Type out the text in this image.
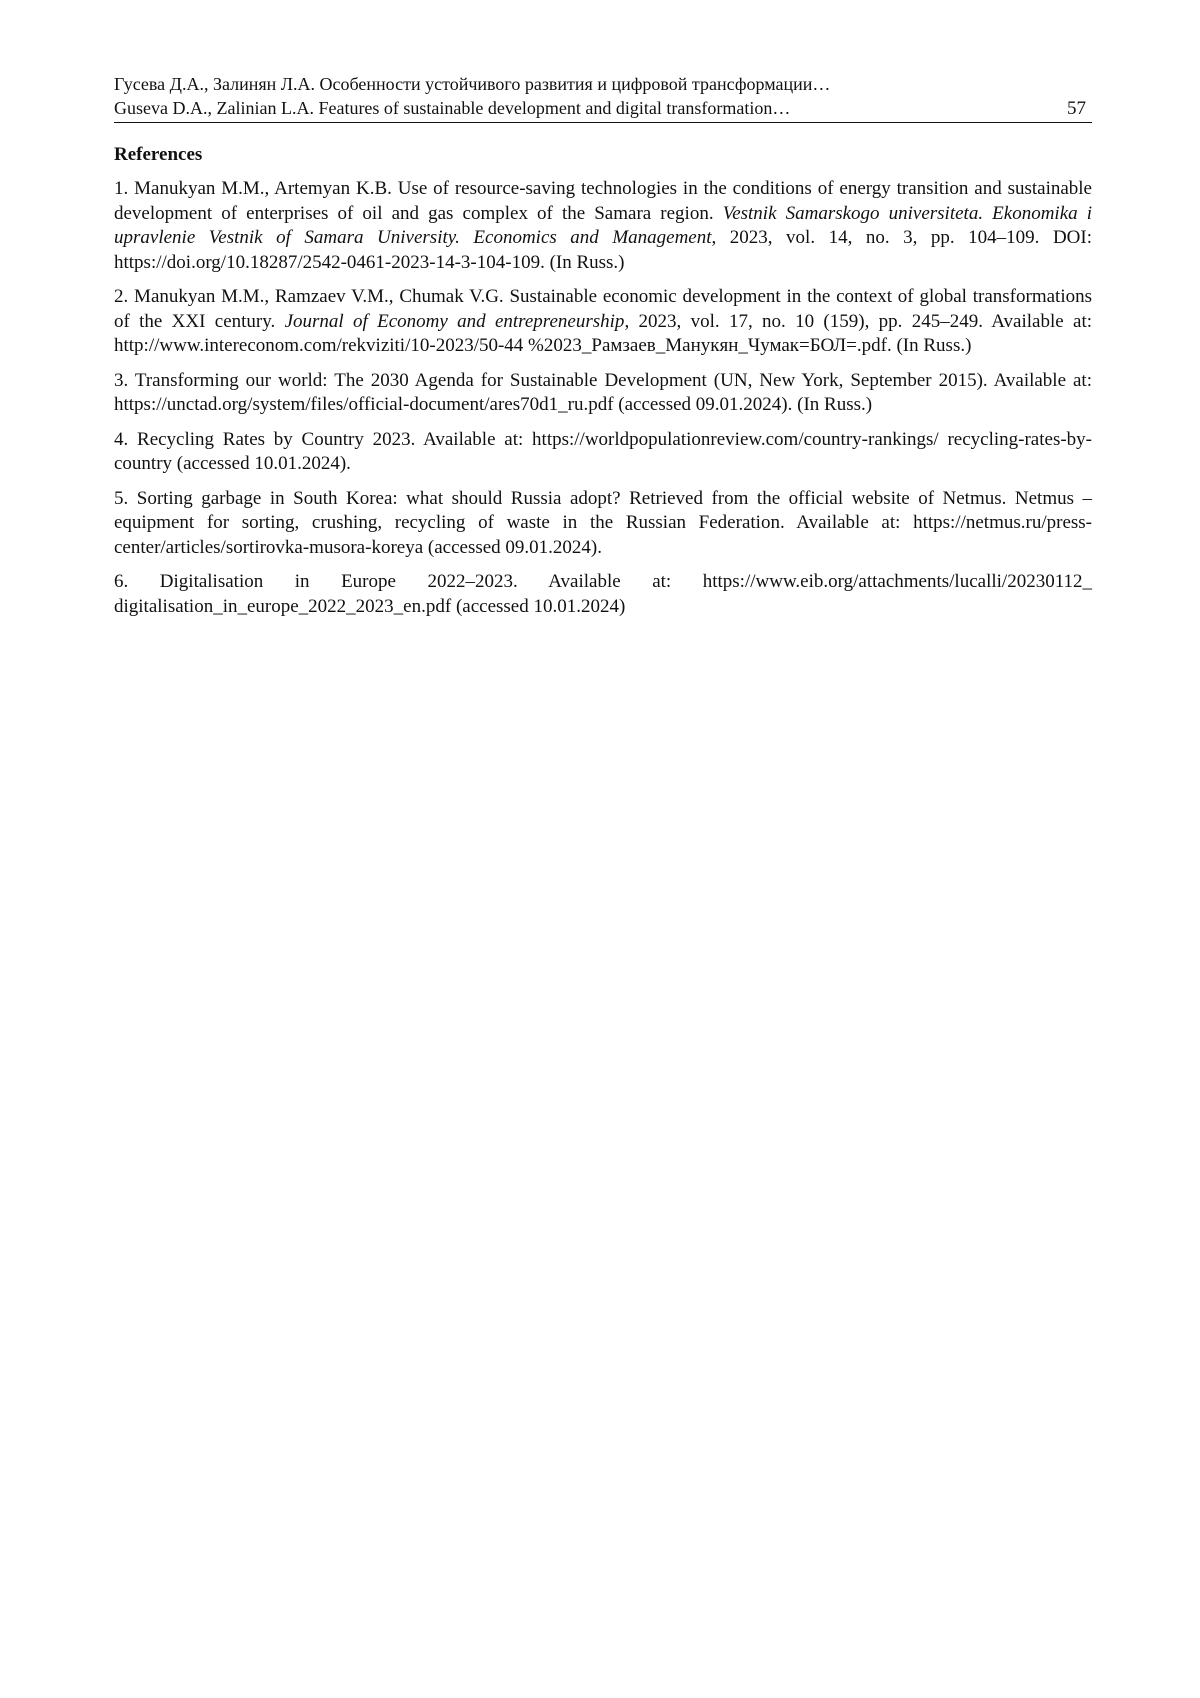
Гусева Д.А., Залинян Л.А. Особенности устойчивого развития и цифровой трансформации…
Guseva D.A., Zalinian L.A. Features of sustainable development and digital transformation…	57
References

1. Manukyan M.M., Artemyan K.B. Use of resource-saving technologies in the conditions of energy transition and sustainable development of enterprises of oil and gas complex of the Samara region. Vestnik Samarskogo universiteta. Ekonomika i upravlenie Vestnik of Samara University. Economics and Management, 2023, vol. 14, no. 3, pp. 104–109. DOI: https://doi.org/10.18287/2542-0461-2023-14-3-104-109. (In Russ.)

2. Manukyan M.M., Ramzaev V.M., Chumak V.G. Sustainable economic development in the context of global transformations of the XXI century. Journal of Economy and entrepreneurship, 2023, vol. 17, no. 10 (159), pp. 245–249. Available at: http://www.intereconom.com/rekviziti/10-2023/50-44 %2023_Рамзаев_Манукян_Чумак=БОЛ=.pdf. (In Russ.)

3. Transforming our world: The 2030 Agenda for Sustainable Development (UN, New York, September 2015). Available at: https://unctad.org/system/files/official-document/ares70d1_ru.pdf (accessed 09.01.2024). (In Russ.)

4. Recycling Rates by Country 2023. Available at: https://worldpopulationreview.com/country-rankings/ recycling-rates-by-country (accessed 10.01.2024).

5. Sorting garbage in South Korea: what should Russia adopt? Retrieved from the official website of Netmus. Netmus – equipment for sorting, crushing, recycling of waste in the Russian Federation. Available at: https://netmus.ru/press-center/articles/sortirovka-musora-koreya (accessed 09.01.2024).

6. Digitalisation in Europe 2022–2023. Available at: https://www.eib.org/attachments/lucalli/20230112_ digitalisation_in_europe_2022_2023_en.pdf (accessed 10.01.2024)
